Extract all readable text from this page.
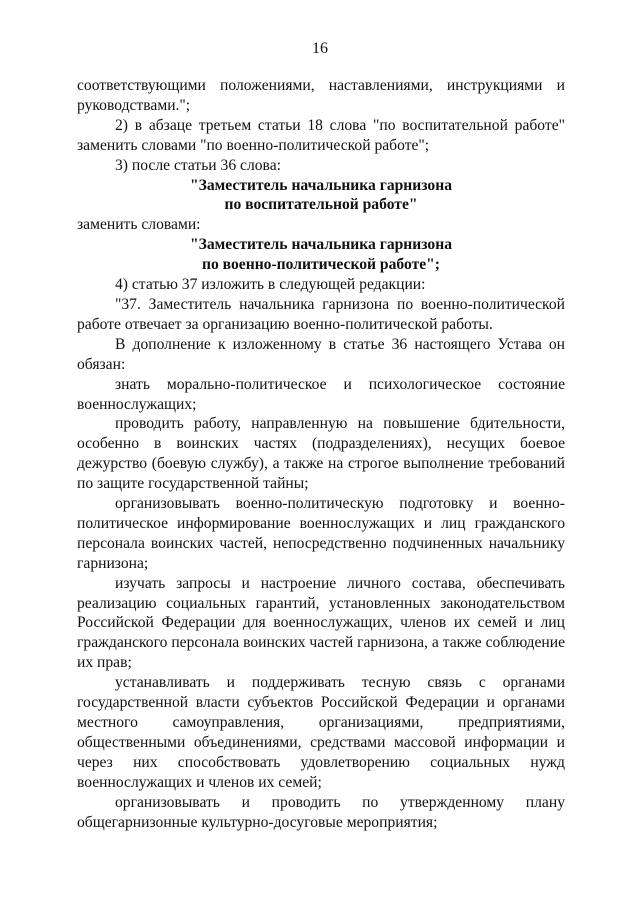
16

соответствующими положениями, наставлениями, инструкциями и руководствами.";

2) в абзаце третьем статьи 18 слова "по воспитательной работе" заменить словами "по военно-политической работе";

3) после статьи 36 слова:

"Заместитель начальника гарнизона
по воспитательной работе"

заменить словами:

"Заместитель начальника гарнизона
по военно-политической работе";

4) статью 37 изложить в следующей редакции:

"37. Заместитель начальника гарнизона по военно-политической работе отвечает за организацию военно-политической работы.

В дополнение к изложенному в статье 36 настоящего Устава он обязан:

знать морально-политическое и психологическое состояние военнослужащих;

проводить работу, направленную на повышение бдительности, особенно в воинских частях (подразделениях), несущих боевое дежурство (боевую службу), а также на строгое выполнение требований по защите государственной тайны;

организовывать военно-политическую подготовку и военно-политическое информирование военнослужащих и лиц гражданского персонала воинских частей, непосредственно подчиненных начальнику гарнизона;

изучать запросы и настроение личного состава, обеспечивать реализацию социальных гарантий, установленных законодательством Российской Федерации для военнослужащих, членов их семей и лиц гражданского персонала воинских частей гарнизона, а также соблюдение их прав;

устанавливать и поддерживать тесную связь с органами государственной власти субъектов Российской Федерации и органами местного самоуправления, организациями, предприятиями, общественными объединениями, средствами массовой информации и через них способствовать удовлетворению социальных нужд военнослужащих и членов их семей;

организовывать и проводить по утвержденному плану общегарнизонные культурно-досуговые мероприятия;
